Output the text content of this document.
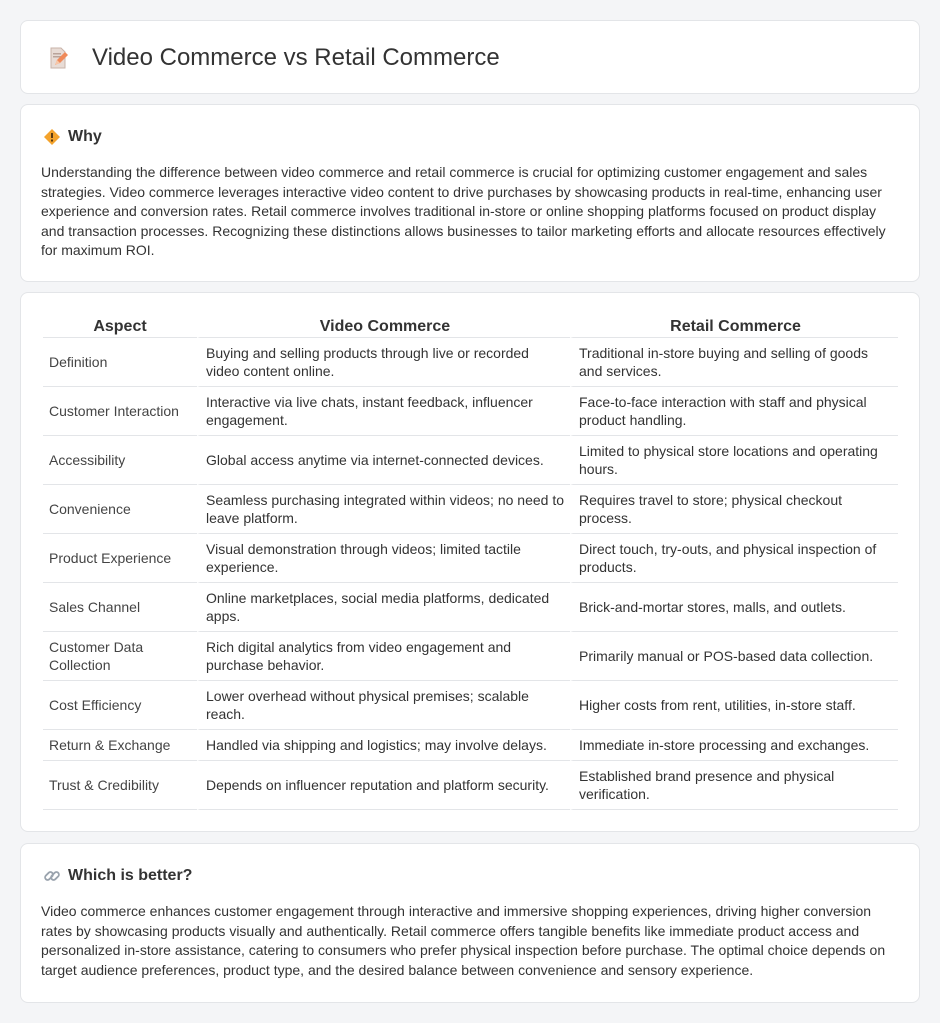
Video Commerce vs Retail Commerce
Why

Understanding the difference between video commerce and retail commerce is crucial for optimizing customer engagement and sales strategies. Video commerce leverages interactive video content to drive purchases by showcasing products in real-time, enhancing user experience and conversion rates. Retail commerce involves traditional in-store or online shopping platforms focused on product display and transaction processes. Recognizing these distinctions allows businesses to tailor marketing efforts and allocate resources effectively for maximum ROI.

Aspect	Video Commerce	Retail Commerce
Definition	Buying and selling products through live or recorded video content online.	Traditional in-store buying and selling of goods and services.
Customer Interaction	Interactive via live chats, instant feedback, influencer engagement.	Face-to-face interaction with staff and physical product handling.
Accessibility	Global access anytime via internet-connected devices.	Limited to physical store locations and operating hours.
Convenience	Seamless purchasing integrated within videos; no need to leave platform.	Requires travel to store; physical checkout process.
Product Experience	Visual demonstration through videos; limited tactile experience.	Direct touch, try-outs, and physical inspection of products.
Sales Channel	Online marketplaces, social media platforms, dedicated apps.	Brick-and-mortar stores, malls, and outlets.
Customer Data Collection	Rich digital analytics from video engagement and purchase behavior.	Primarily manual or POS-based data collection.
Cost Efficiency	Lower overhead without physical premises; scalable reach.	Higher costs from rent, utilities, in-store staff.
Return & Exchange	Handled via shipping and logistics; may involve delays.	Immediate in-store processing and exchanges.
Trust & Credibility	Depends on influencer reputation and platform security.	Established brand presence and physical verification.
Which is better?

Video commerce enhances customer engagement through interactive and immersive shopping experiences, driving higher conversion rates by showcasing products visually and authentically. Retail commerce offers tangible benefits like immediate product access and personalized in-store assistance, catering to consumers who prefer physical inspection before purchase. The optimal choice depends on target audience preferences, product type, and the desired balance between convenience and sensory experience.
